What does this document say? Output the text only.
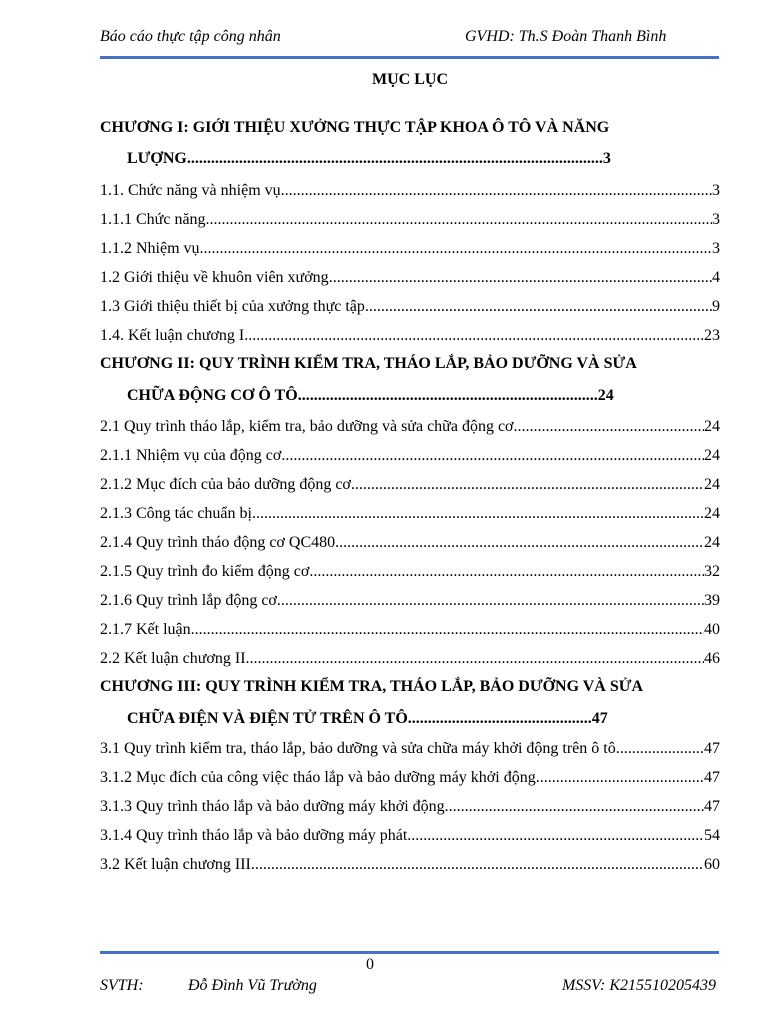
Báo cáo thực tập công nhân	GVHD: Th.S Đoàn Thanh Bình
MỤC LỤC
CHƯƠNG I: GIỚI THIỆU XƯỞNG THỰC TẬP KHOA Ô TÔ VÀ NĂNG
LƯỢNG ........................................................................................................ 3
1.1. Chức năng và nhiệm vụ .....	3
1.1.1 Chức năng .....	3
1.1.2 Nhiệm vụ .....	3
1.2 Giới thiệu về khuôn viên xưởng .....	4
1.3 Giới thiệu thiết bị của xưởng thực tập .....	9
1.4. Kết luận chương I .....	23
CHƯƠNG II: QUY TRÌNH KIỂM TRA, THÁO LẮP, BẢO DƯỠNG VÀ SỬA
CHỮA ĐỘNG CƠ Ô TÔ ........................................................................... 24
2.1 Quy trình tháo lắp, kiểm tra, bảo dưỡng và sửa chữa động cơ .....	24
2.1.1 Nhiệm vụ của động cơ .....	24
2.1.2 Mục đích của bảo dưỡng động cơ .....	24
2.1.3 Công tác chuẩn bị .....	24
2.1.4 Quy trình tháo động cơ QC480 .....	24
2.1.5 Quy trình đo kiểm động cơ .....	32
2.1.6 Quy trình lắp động cơ .....	39
2.1.7 Kết luận .....	40
2.2 Kết luận chương II .....	46
CHƯƠNG III: QUY TRÌNH KIỂM TRA, THÁO LẮP, BẢO DƯỠNG VÀ SỬA
CHỮA ĐIỆN VÀ ĐIỆN TỬ TRÊN Ô TÔ .............................................. 47
3.1 Quy trình kiểm tra, tháo lắp, bảo dưỡng và sửa chữa máy khởi động trên ô tô .....	47
3.1.2 Mục đích của công việc tháo lắp và bảo dưỡng máy khởi động .....	47
3.1.3 Quy trình tháo lắp và bảo dưỡng máy khởi động .....	47
3.1.4 Quy trình tháo lắp và bảo dưỡng máy phát .....	54
3.2 Kết luận chương III .....	60
0
SVTH:	Đỗ Đình Vũ Trường	MSSV: K215510205439
